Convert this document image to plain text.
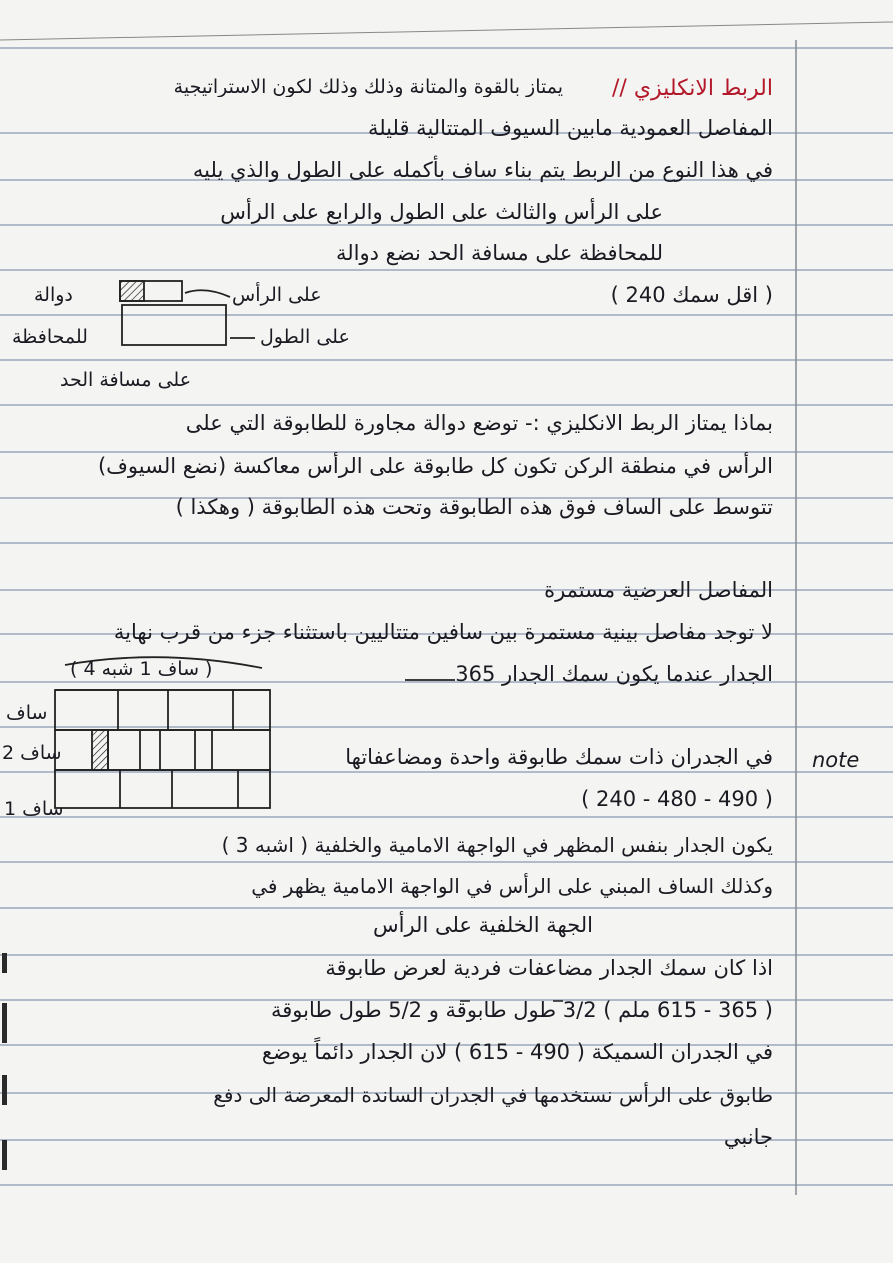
الربط الانكليزي //
يمتاز بالقوة والمتانة وذلك وذلك لكون الاستراتيجية
المفاصل العمودية مابين السيوف المتتالية قليلة
في هذا النوع من الربط يتم بناء ساف بأكمله على الطول والذي يليه
على الرأس والثالث على الطول والرابع على الرأس
للمحافظة على مسافة الحد نضع دوالة
( اقل سمك 240 )
على الرأس
دوالة
على الطول
للمحافظة
على مسافة الحد
بماذا يمتاز الربط الانكليزي :- توضع دوالة مجاورة للطابوقة التي على
الرأس في منطقة الركن تكون كل طابوقة على الرأس معاكسة (نضع السيوف)
تتوسط على الساف فوق هذه الطابوقة وتحت هذه الطابوقة ( وهكذا )
المفاصل العرضية مستمرة
لا توجد مفاصل بينية مستمرة بين سافين متتاليين باستثناء جزء من قرب نهاية
الجدار عندما يكون سمك الجدار 365
( ساف 1 شبه 4 )
ساف
ساف 2
ساف 1
في الجدران ذات سمك طابوقة واحدة ومضاعفاتها note
( 490 - 480 - 240 )
يكون الجدار بنفس المظهر في الواجهة الامامية والخلفية ( اشبه 3 )
وكذلك الساف المبني على الرأس في الواجهة الامامية يظهر في
الجهة الخلفية على الرأس
اذا كان سمك الجدار مضاعفات فردية لعرض طابوقة
( 365 - 615 ملم ) 3/2 طول طابوقة و 5/2 طول طابوقة
في الجدران السميكة ( 490 - 615 ) لان الجدار دائماً يوضع
طابوق على الرأس نستخدمها في الجدران الساندة المعرضة الى دفع
جانبي
